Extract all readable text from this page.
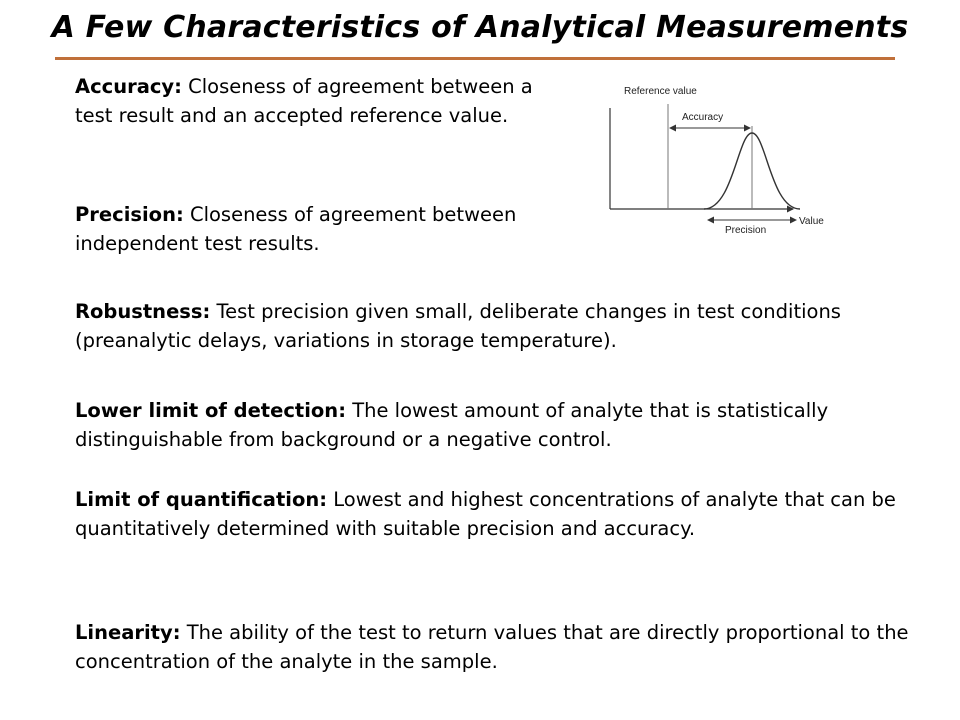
A Few Characteristics of Analytical Measurements
Accuracy: Closeness of agreement between a test result and an accepted reference value.
Precision: Closeness of agreement between independent test results.
Robustness: Test precision given small, deliberate changes in test conditions (preanalytic delays, variations in storage temperature).
Lower limit of detection: The lowest amount of analyte that is statistically distinguishable from background or a negative control.
Limit of quantification: Lowest and highest concentrations of analyte that can be quantitatively determined with suitable precision and accuracy.
Linearity: The ability of the test to return values that are directly proportional to the concentration of the analyte in the sample.
Reference value
Accuracy
Precision
Value
